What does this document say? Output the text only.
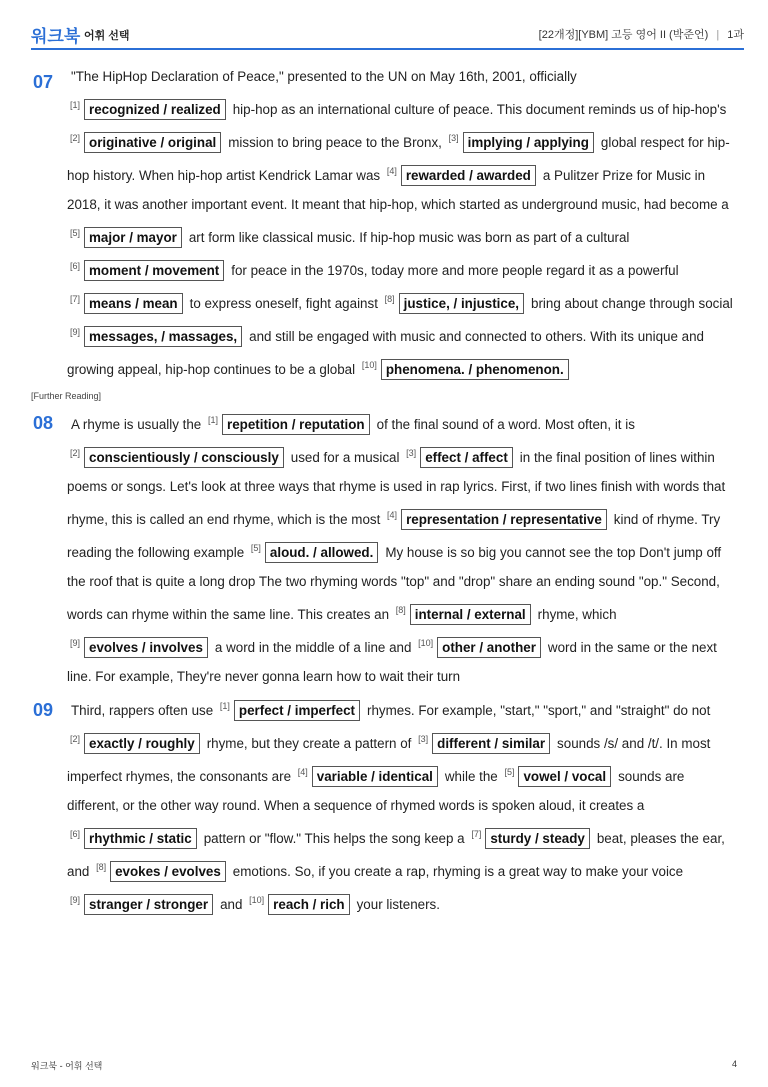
워크북 어휘 선택	[22개정][YBM] 고등 영어 II (박준언) | 1과
07 "The HipHop Declaration of Peace," presented to the UN on May 16th, 2001, officially [1] recognized / realized hip-hop as an international culture of peace. This document reminds us of hip-hop's [2] originative / original mission to bring peace to the Bronx, [3] implying / applying global respect for hip-hop history. When hip-hop artist Kendrick Lamar was [4] rewarded / awarded a Pulitzer Prize for Music in 2018, it was another important event. It meant that hip-hop, which started as underground music, had become a [5] major / mayor art form like classical music. If hip-hop music was born as part of a cultural [6] moment / movement for peace in the 1970s, today more and more people regard it as a powerful [7] means / mean to express oneself, fight against [8] justice, / injustice, bring about change through social [9] messages, / massages, and still be engaged with music and connected to others. With its unique and growing appeal, hip-hop continues to be a global [10] phenomena. / phenomenon.
[Further Reading]
08 A rhyme is usually the [1] repetition / reputation of the final sound of a word. Most often, it is [2] conscientiously / consciously used for a musical [3] effect / affect in the final position of lines within poems or songs. Let's look at three ways that rhyme is used in rap lyrics. First, if two lines finish with words that rhyme, this is called an end rhyme, which is the most [4] representation / representative kind of rhyme. Try reading the following example [5] aloud. / allowed. My house is so big you cannot see the top Don't jump off the roof that is quite a long drop The two rhyming words "top" and "drop" share an ending sound "op." Second, words can rhyme within the same line. This creates an [8] internal / external rhyme, which [9] evolves / involves a word in the middle of a line and [10] other / another word in the same or the next line. For example, They're never gonna learn how to wait their turn
09 Third, rappers often use [1] perfect / imperfect rhymes. For example, "start," "sport," and "straight" do not [2] exactly / roughly rhyme, but they create a pattern of [3] different / similar sounds /s/ and /t/. In most imperfect rhymes, the consonants are [4] variable / identical while the [5] vowel / vocal sounds are different, or the other way round. When a sequence of rhymed words is spoken aloud, it creates a [6] rhythmic / static pattern or "flow." This helps the song keep a [7] sturdy / steady beat, pleases the ear, and [8] evokes / evolves emotions. So, if you create a rap, rhyming is a great way to make your voice [9] stranger / stronger and [10] reach / rich your listeners.
워크북 - 어휘 선택	4
